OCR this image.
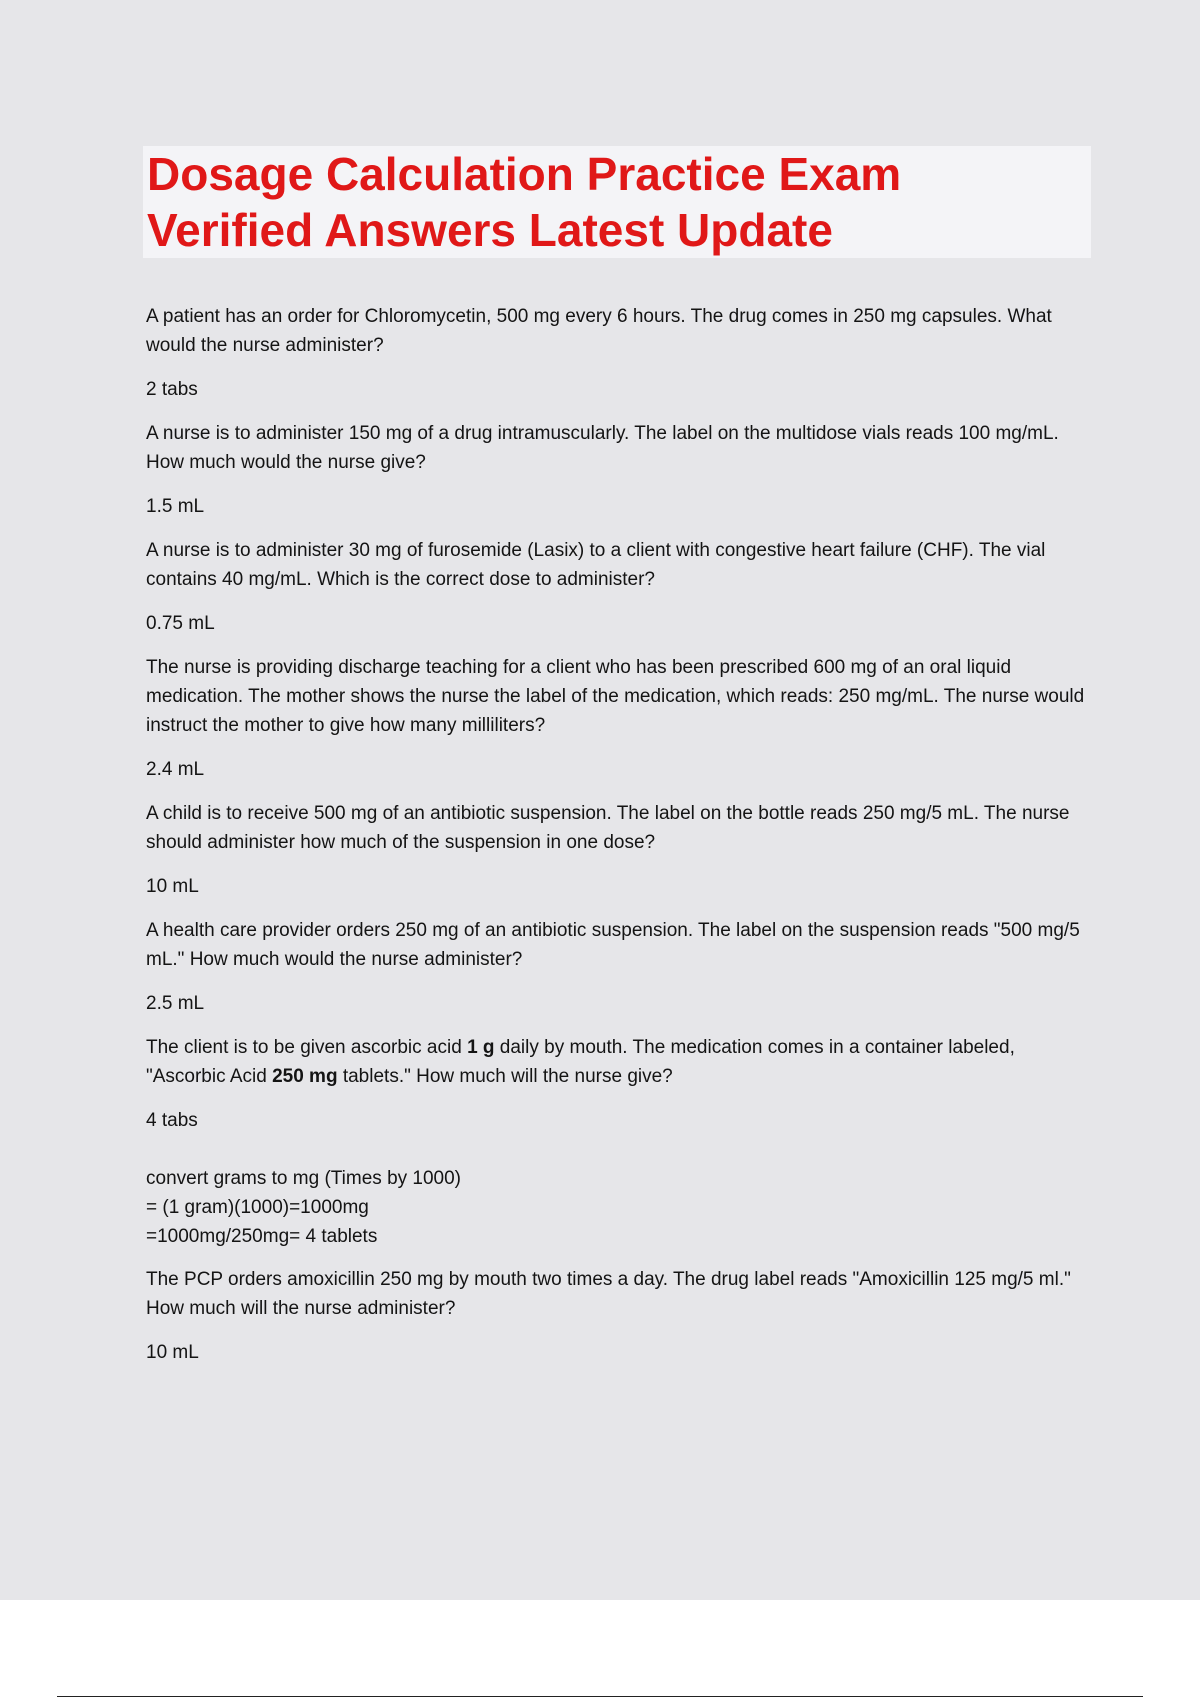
Dosage Calculation Practice Exam

Verified Answers Latest Update

A patient has an order for Chloromycetin, 500 mg every 6 hours. The drug comes in 250 mg capsules. What would the nurse administer?

2 tabs

A nurse is to administer 150 mg of a drug intramuscularly. The label on the multidose vials reads 100 mg/mL. How much would the nurse give?

1.5 mL

A nurse is to administer 30 mg of furosemide (Lasix) to a client with congestive heart failure (CHF). The vial contains 40 mg/mL. Which is the correct dose to administer?

0.75 mL

The nurse is providing discharge teaching for a client who has been prescribed 600 mg of an oral liquid medication. The mother shows the nurse the label of the medication, which reads: 250 mg/mL. The nurse would instruct the mother to give how many milliliters?

2.4 mL

A child is to receive 500 mg of an antibiotic suspension. The label on the bottle reads 250 mg/5 mL. The nurse should administer how much of the suspension in one dose?

10 mL

A health care provider orders 250 mg of an antibiotic suspension. The label on the suspension reads "500 mg/5 mL." How much would the nurse administer?

2.5 mL

The client is to be given ascorbic acid 1 g daily by mouth. The medication comes in a container labeled, "Ascorbic Acid 250 mg tablets." How much will the nurse give?

4 tabs

convert grams to mg (Times by 1000)
= (1 gram)(1000)=1000mg
=1000mg/250mg= 4 tablets

The PCP orders amoxicillin 250 mg by mouth two times a day. The drug label reads "Amoxicillin 125 mg/5 ml." How much will the nurse administer?

10 mL
